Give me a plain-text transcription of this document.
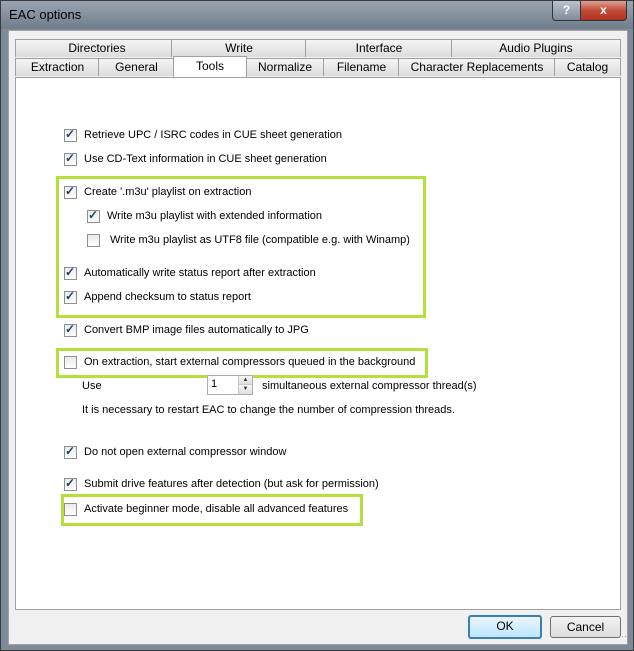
EAC options	?	x
Directories	Write	Interface	Audio Plugins
Extraction	General	Tools	Normalize	Filename	Character Replacements	Catalog
✓
Retrieve UPC / ISRC codes in CUE sheet generation
✓
Use CD-Text information in CUE sheet generation
✓
Create '.m3u' playlist on extraction
✓
Write m3u playlist with extended information
Write m3u playlist as UTF8 file (compatible e.g. with Winamp)
✓
Automatically write status report after extraction
✓
Append checksum to status report
✓
Convert BMP image files automatically to JPG
On extraction, start external compressors queued in the background
Use	simultaneous external compressor thread(s)
It is necessary to restart EAC to change the number of compression threads.
✓
Do not open external compressor window
✓
Submit drive features after detection (but ask for permission)
Activate beginner mode, disable all advanced features
1	▲
▼
OK	Cancel
⋯
